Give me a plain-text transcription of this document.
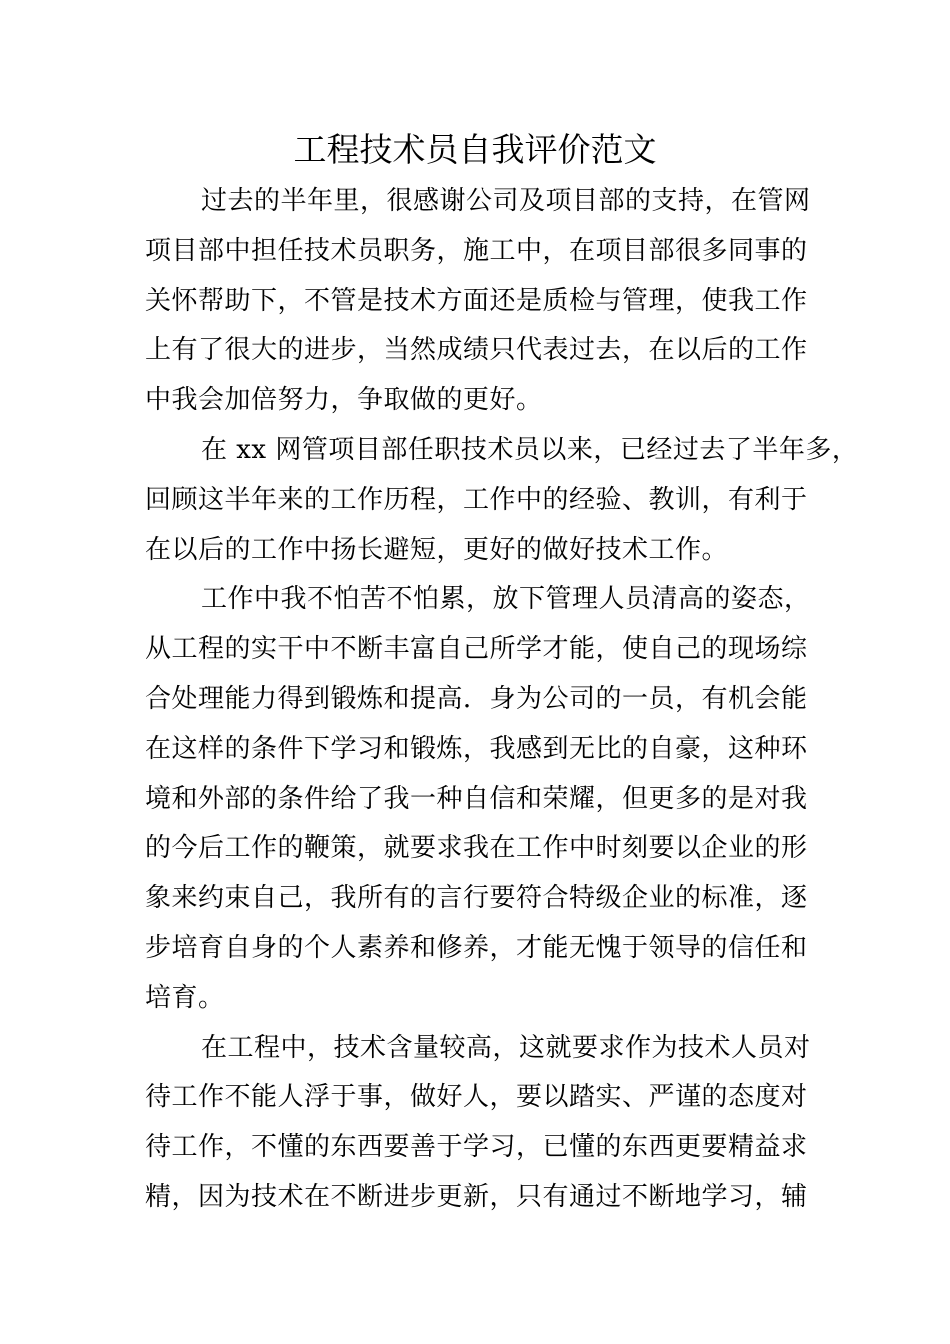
工程技术员自我评价范文

过去的半年里，很感谢公司及项目部的支持，在管网
项目部中担任技术员职务，施工中，在项目部很多同事的
关怀帮助下，不管是技术方面还是质检与管理，使我工作
上有了很大的进步，当然成绩只代表过去，在以后的工作
中我会加倍努力，争取做的更好。

在 xx 网管项目部任职技术员以来，已经过去了半年多，
回顾这半年来的工作历程，工作中的经验、教训，有利于
在以后的工作中扬长避短，更好的做好技术工作。

工作中我不怕苦不怕累，放下管理人员清高的姿态，
从工程的实干中不断丰富自己所学才能，使自己的现场综
合处理能力得到锻炼和提高．身为公司的一员，有机会能
在这样的条件下学习和锻炼，我感到无比的自豪，这种环
境和外部的条件给了我一种自信和荣耀，但更多的是对我
的今后工作的鞭策，就要求我在工作中时刻要以企业的形
象来约束自己，我所有的言行要符合特级企业的标准，逐
步培育自身的个人素养和修养，才能无愧于领导的信任和
培育。

在工程中，技术含量较高，这就要求作为技术人员对
待工作不能人浮于事，做好人，要以踏实、严谨的态度对
待工作，不懂的东西要善于学习，已懂的东西更要精益求
精，因为技术在不断进步更新，只有通过不断地学习，辅
